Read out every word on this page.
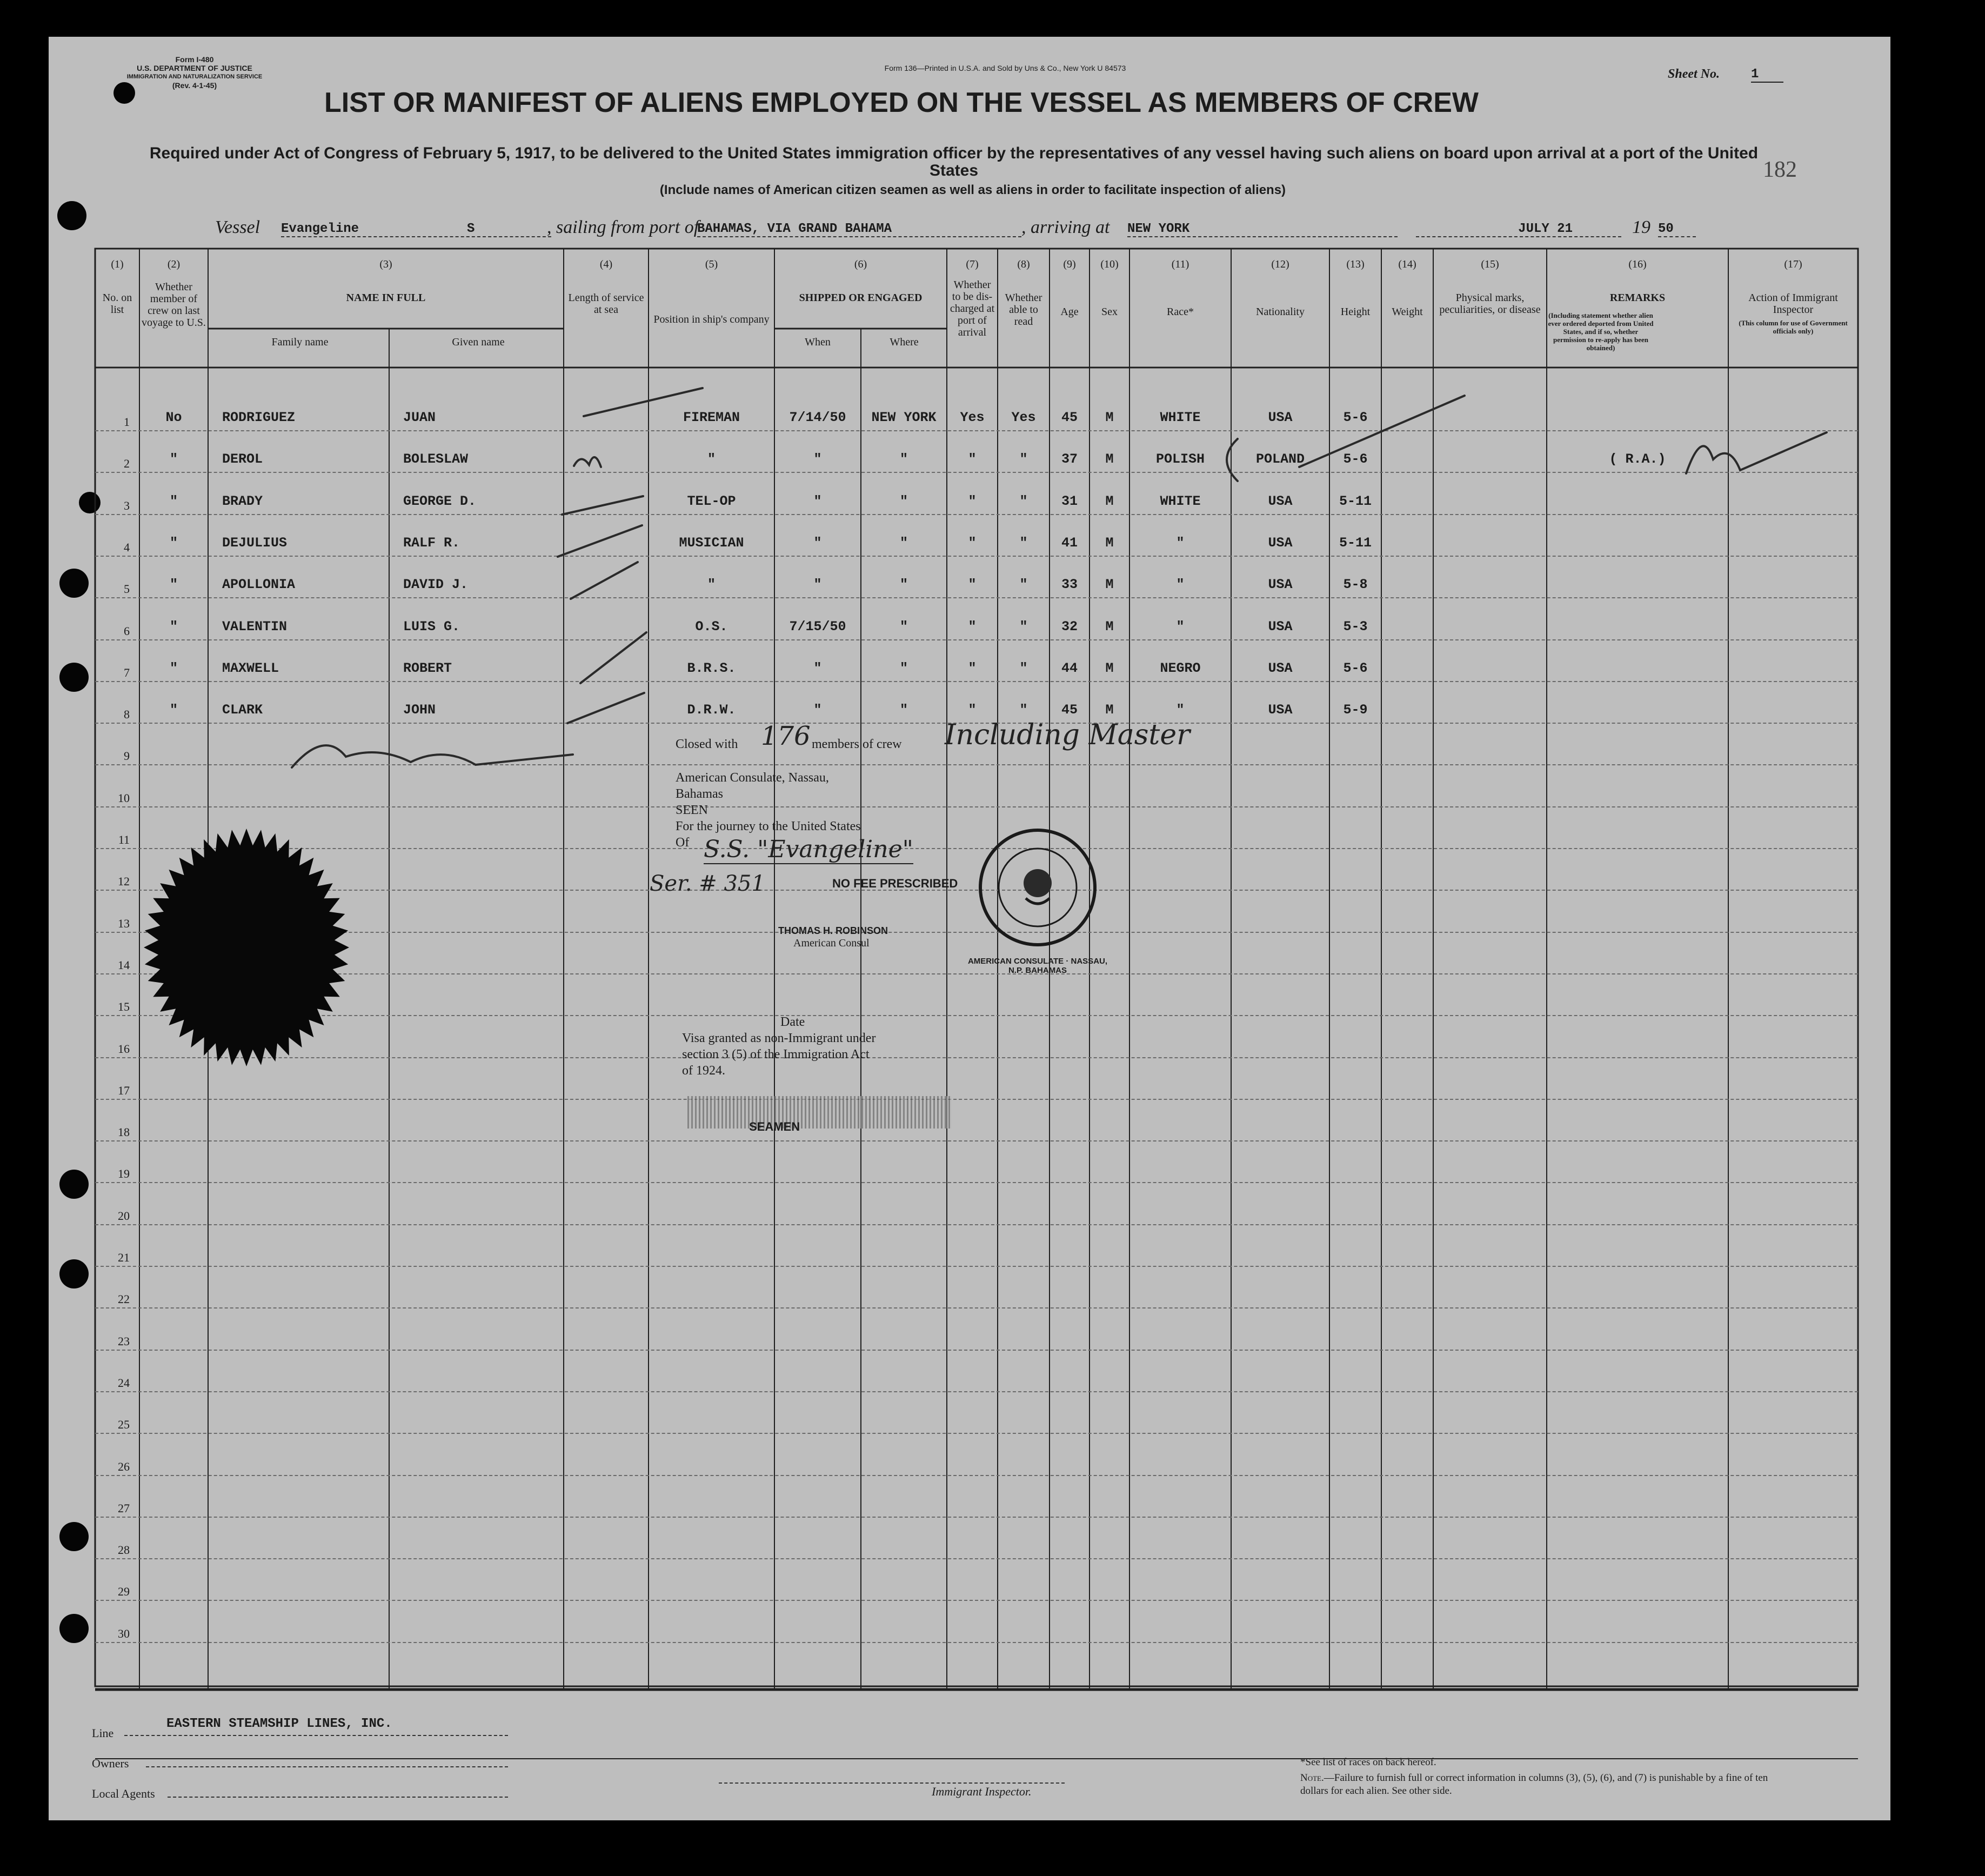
Form I-480
U.S. DEPARTMENT OF JUSTICE
IMMIGRATION AND NATURALIZATION SERVICE
(Rev. 4-1-45)
Form 136—Printed in U.S.A. and Sold by Uns & Co., New York U 84573	Sheet No. 1
182
LIST OR MANIFEST OF ALIENS EMPLOYED ON THE VESSEL AS MEMBERS OF CREW
Required under Act of Congress of February 5, 1917, to be delivered to the United States immigration officer by the representatives of any vessel having such aliens on board upon arrival at a port of the United States
(Include names of American citizen seamen as well as aliens in order to facilitate inspection of aliens)
Vessel Evangeline	S	, sailing from port of
BAHAMAS, VIA GRAND BAHAMA	, arriving at NEW YORK	JULY 21	19 50
(1)
No. on list
(2)
Whether member of crew on last voyage to U.S.
(3)
NAME IN FULL
(4)
Length of service at sea
(5)
Position in ship's company
(6)
SHIPPED OR ENGAGED
(7)
Whether to be dis-charged at port of arrival
(8)
Whether able to read
(9)
Age
(10)
Sex
(11)
Race*
(12)
Nationality
(13)
Height
(14)
Weight
(15)
Physical marks, peculiarities, or disease
(16)
REMARKS
(17)
Action of Immigrant Inspector
Family name	Given name	When	Where
(Including statement whether alien ever ordered deported from United States, and if so, whether permission to re-apply has been obtained)
(This column for use of Government officials only)
1
2
3
4
5
6
7
8
9
10
11
12
13
14
15
16
17
18
19
20
21
22
23
24
25
26
27
28
29
30
No	RODRIGUEZ	JUAN	FIREMAN	7/14/50	NEW YORK	Yes	Yes	45	M	WHITE	USA	5-6
"	DEROL	BOLESLAW	"	"	"	"	"	37	M	POLISH	POLAND	5-6	( R.A.)
"	BRADY	GEORGE D.	TEL-OP	"	"	"	"	31	M	WHITE	USA	5-11
"	DEJULIUS	RALF R.	MUSICIAN	"	"	"	"	41	M	"	USA	5-11
"	APOLLONIA	DAVID J.	"	"	"	"	"	33	M	"	USA	5-8
"	VALENTIN	LUIS G.	O.S.	7/15/50	"	"	"	32	M	"	USA	5-3
"	MAXWELL	ROBERT	B.R.S.	"	"	"	"	44	M	NEGRO	USA	5-6
"	CLARK	JOHN	D.R.W.	"	"	"	"	45	M	"	USA	5-9
AMERICAN CONSULATE · NASSAU, N.P. BAHAMAS
Closed with 176 members of crew Including Master
American Consulate, Nassau,
Bahamas
SEEN
For the journey to the United States
Of S.S. "Evangeline"
Ser. # 351	NO FEE PRESCRIBED
THOMAS H. ROBINSON
American Consul
Date
Visa granted as non-Immigrant under
section 3 (5) of the Immigration Act
of 1924.
SEAMEN
Line
EASTERN STEAMSHIP LINES, INC.
Owners
Local Agents	Immigrant Inspector.
*See list of races on back hereof.
Note.—Failure to furnish full or correct information in columns (3), (5), (6), and (7) is punishable by a fine of ten dollars for each alien. See other side.
